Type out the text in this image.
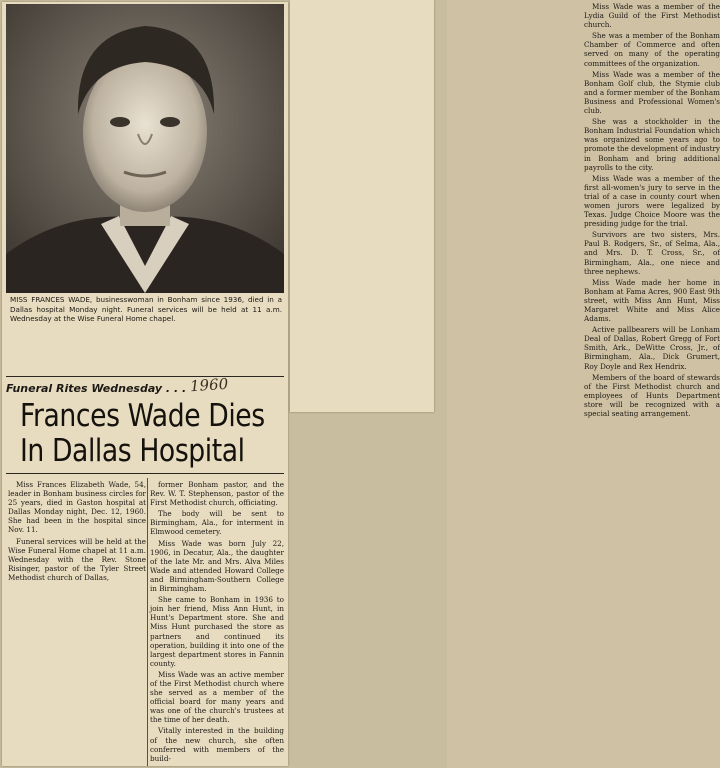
MISS FRANCES WADE, businesswoman in Bonham since 1936, died in a Dallas hospital Monday night. Funeral services will be held at 11 a.m. Wednesday at the Wise Funeral Home chapel.
Funeral Rites Wednesday . . . 1960
Frances Wade Dies
In Dallas Hospital

Miss Frances Elizabeth Wade, 54, leader in Bonham business circles for 25 years, died in Gaston hospital at Dallas Monday night, Dec. 12, 1960. She had been in the hospital since Nov. 11.

Funeral services will be held at the Wise Funeral Home chapel at 11 a.m. Wednesday with the Rev. Stone Risinger, pastor of the Tyler Street Methodist church of Dallas,

former Bonham pastor, and the Rev. W. T. Stephenson, pastor of the First Methodist church, officiating.

The body will be sent to Birmingham, Ala., for interment in Elmwood cemetery.

Miss Wade was born July 22, 1906, in Decatur, Ala., the daughter of the late Mr. and Mrs. Alva Miles Wade and attended Howard College and Birmingham-Southern College in Birmingham.

She came to Bonham in 1936 to join her friend, Miss Ann Hunt, in Hunt's Department store. She and Miss Hunt purchased the store as partners and continued its operation, building it into one of the largest department stores in Fannin county.

Miss Wade was an active member of the First Methodist church where she served as a member of the official board for many years and was one of the church's trustees at the time of her death.

Vitally interested in the building of the new church, she often conferred with members of the build-

Miss Wade was a member of the Lydia Guild of the First Methodist church.

She was a member of the Bonham Chamber of Commerce and often served on many of the operating committees of the organization.

Miss Wade was a member of the Bonham Golf club, the Stymie club and a former member of the Bonham Business and Professional Women's club.

She was a stockholder in the Bonham Industrial Foundation which was organized some years ago to promote the development of industry in Bonham and bring additional payrolls to the city.

Miss Wade was a member of the first all-women's jury to serve in the trial of a case in county court when women jurors were legalized by Texas. Judge Choice Moore was the presiding judge for the trial.

Survivors are two sisters, Mrs. Paul B. Rodgers, Sr., of Selma, Ala., and Mrs. D. T. Cross, Sr., of Birmingham, Ala., one niece and three nephews.

Miss Wade made her home in Bonham at Fama Acres, 900 East 9th street, with Miss Ann Hunt, Miss Margaret White and Miss Alice Adams.

Active pallbearers will be Lonham Deal of Dallas, Robert Gregg of Fort Smith, Ark., DeWitte Cross, Jr., of Birmingham, Ala., Dick Grumert, Roy Doyle and Rex Hendrix.

Members of the board of stewards of the First Methodist church and employees of Hunts Department store will be recognized with a special seating arrangement.
